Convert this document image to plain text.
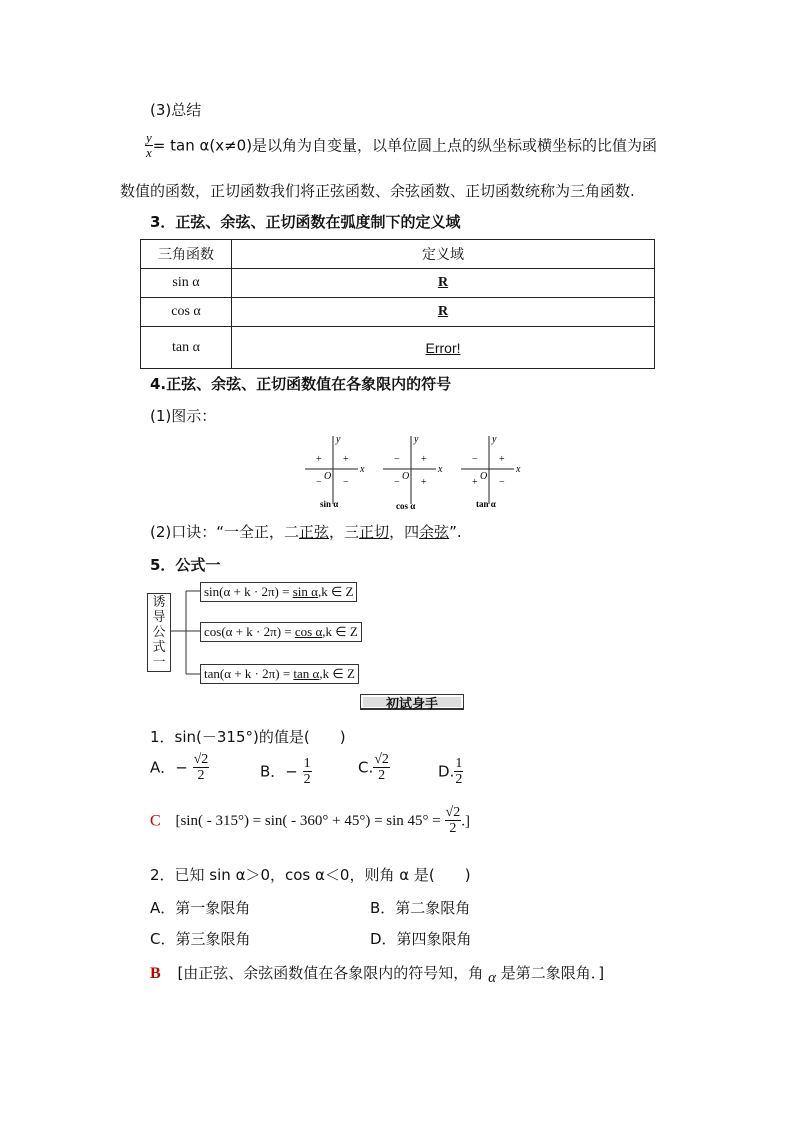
(3)总结
$\frac{y}{x} = \tan \alpha(x\ne 0)$是以角为自变量，以单位圆上点的纵坐标或横坐标的比值为函
数值的函数，正切函数我们将正弦函数、余弦函数、正切函数统称为三角函数.
3．正弦、余弦、正切函数在弧度制下的定义域
三角函数	定义域
sin α	R
cos α	R
tan α	Error!
4.正弦、余弦、正切函数值在各象限内的符号
(1)图示：
x
y
O
+
+
− −
sin α
x
y
O
+
−
− +
cos α
x
y
O
+
−
+ −
tan α
(2)口诀：“一全正，二正弦，三正切，四余弦”.
5．公式一
诱
导
公
式
一
sin(α + k · 2π) = sin α,k ∈ Z
cos(α + k · 2π) = cos α,k ∈ Z
tan(α + k · 2π) = tan α,k ∈ Z
初试身手
1．sin(－315°)的值是(　　)
A．− $\frac{√2}{2}$	B．− $\frac{1}{2}$	C. $\frac{√2}{2}$	D. $\frac{1}{2}$
C [$\sin( - 315^\circ) = \sin( - 360^\circ + 45^\circ) = \sin 45^\circ = \frac{√2}{2}$ .]
2．已知 sin α＞0，cos α＜0，则角 α 是(　　)
A．第一象限角	B．第二象限角
C．第三象限角	D．第四象限角
B [由正弦、余弦函数值在各象限内的符号知，角 α 是第二象限角．]
